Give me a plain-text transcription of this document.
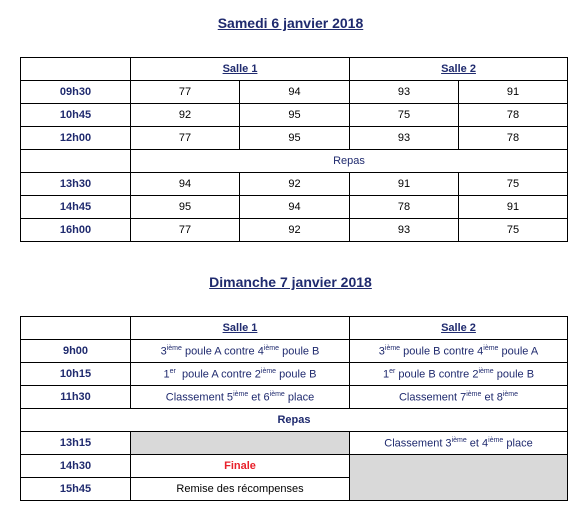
Samedi 6 janvier 2018
	Salle 1		Salle 2	
09h30	77	94	93	91
10h45	92	95	75	78
12h00	77	95	93	78
	Repas			
13h30	94	92	91	75
14h45	95	94	78	91
16h00	77	92	93	75
Dimanche 7 janvier 2018
	Salle 1	Salle 2
9h00	3ième poule A contre 4ième poule B	3ième poule B contre 4ième poule A
10h15	1er  poule A contre 2ième poule B	1er poule B contre 2ième poule B
11h30	Classement 5ième et 6ième place	Classement 7ième et 8ième
Repas		
13h15		Classement 3ième et 4ième place
14h30	Finale	
15h45	Remise des récompenses	
